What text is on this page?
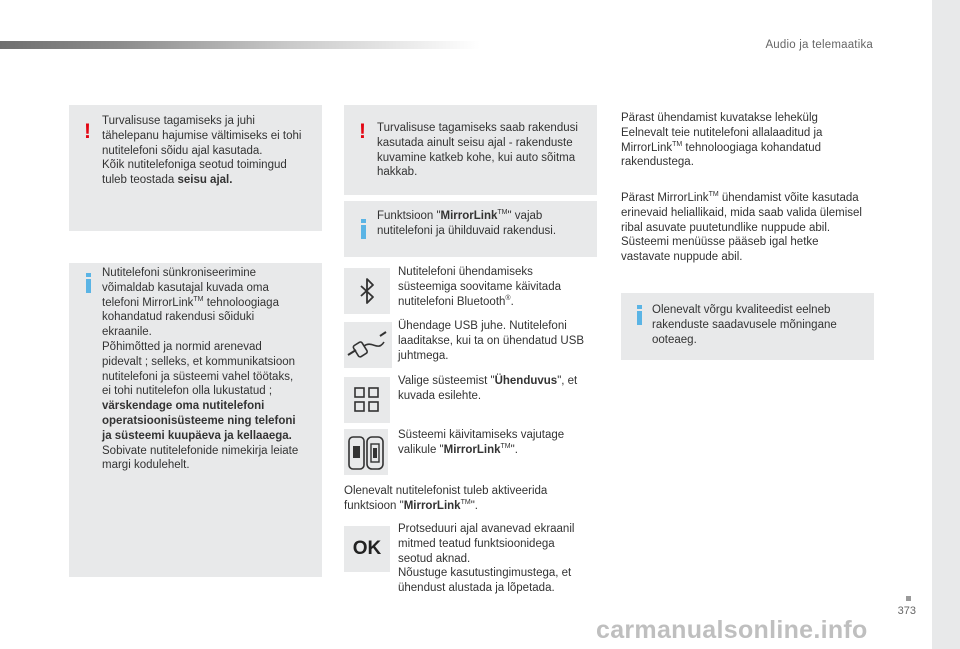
Audio ja telemaatika
! Turvalisuse tagamiseks ja juhi

tähelepanu hajumise vältimiseks ei tohi

nutitelefoni sõidu ajal kasutada.

Kõik nutitelefoniga seotud toimingud

tuleb teostada seisu ajal.

Nutitelefoni sünkroniseerimine

võimaldab kasutajal kuvada oma

telefoni MirrorLink™ tehnoloogiaga

kohandatud rakendusi sõiduki

ekraanile.

Põhimõtted ja normid arenevad

pidevalt ; selleks, et kommunikatsioon

nutitelefoni ja süsteemi vahel töötaks,

ei tohi nutitelefon olla lukustatud ;

värskendage oma nutitelefoni

operatsioonisüsteeme ning telefoni

ja süsteemi kuupäeva ja kellaaega.

Sobivate nutitelefonide nimekirja leiate

margi kodulehelt.

! Turvalisuse tagamiseks saab rakendusi

kasutada ainult seisu ajal - rakenduste

kuvamine katkeb kohe, kui auto sõitma

hakkab.

Funktsioon "MirrorLink™" vajab

nutitelefoni ja ühilduvaid rakendusi.

Nutitelefoni ühendamiseks

süsteemiga soovitame käivitada

nutitelefoni Bluetooth®.

Ühendage USB juhe. Nutitelefoni

laaditakse, kui ta on ühendatud USB

juhtmega.

Valige süsteemist "Ühenduvus", et

kuvada esilehte.

Süsteemi käivitamiseks vajutage

valikule "MirrorLink™".

Olenevalt nutitelefonist tuleb aktiveerida

funktsioon "MirrorLink™".

OK

Protseduuri ajal avanevad ekraanil

mitmed teatud funktsioonidega

seotud aknad.

Nõustuge kasutustingimustega, et

ühendust alustada ja lõpetada.

Pärast ühendamist kuvatakse lehekülg

Eelnevalt teie nutitelefoni allalaaditud ja

MirrorLink™ tehnoloogiaga kohandatud

rakendustega.

Pärast MirrorLink™ ühendamist võite kasutada

erinevaid heliallikaid, mida saab valida ülemisel

ribal asuvate puutetundlike nuppude abil.

Süsteemi menüüsse pääseb igal hetke

vastavate nuppude abil.

Olenevalt võrgu kvaliteedist eelneb

rakenduste saadavusele mõningane

ooteaeg.

373
carmanualsonline.info
